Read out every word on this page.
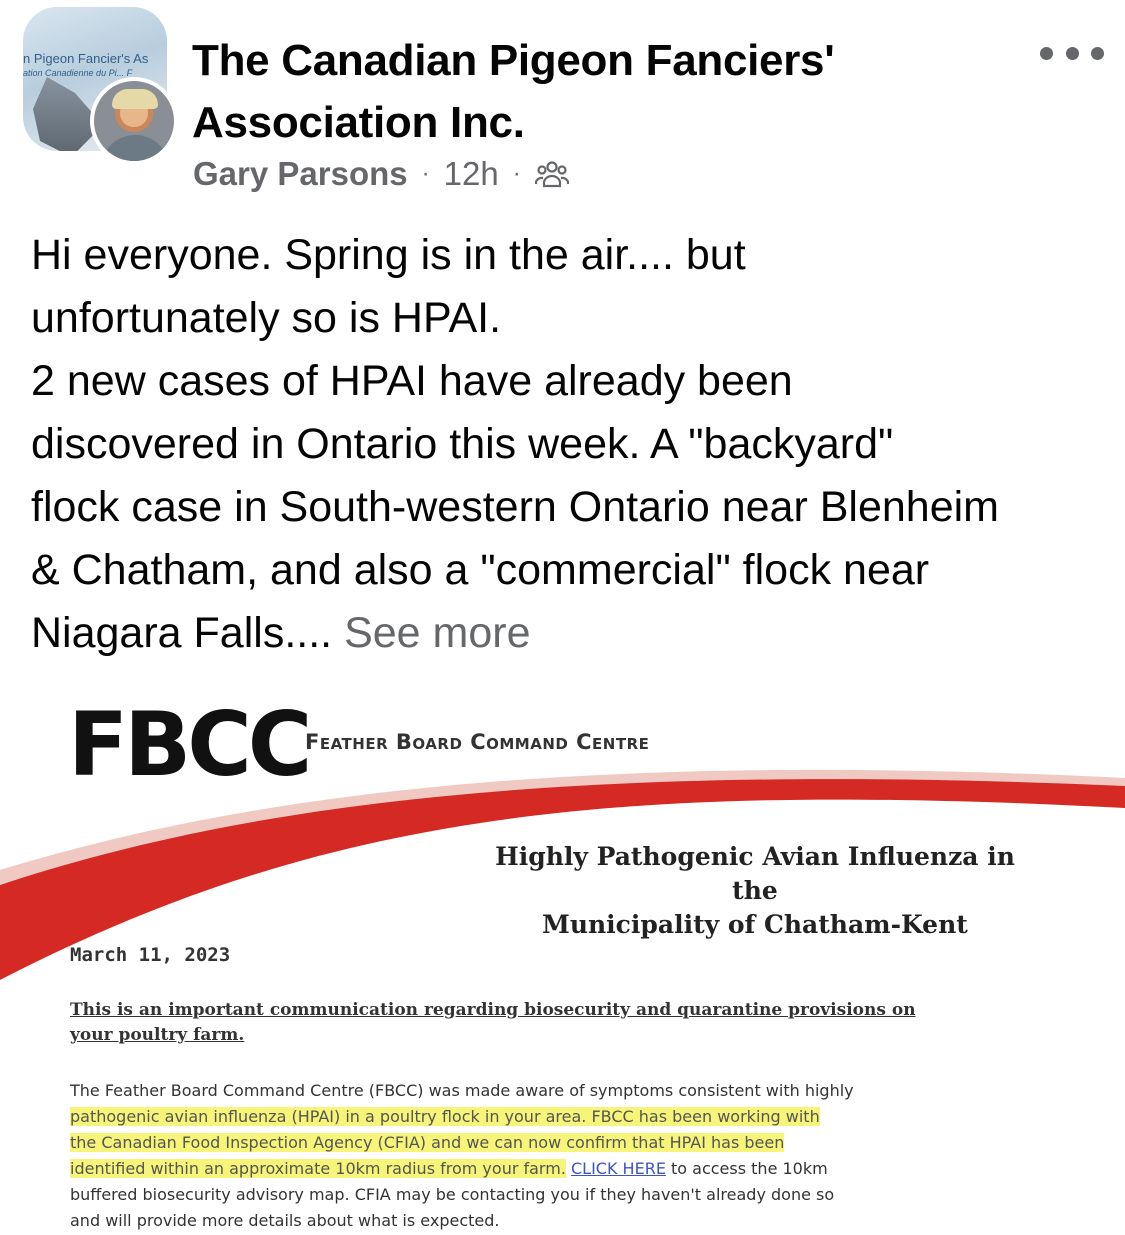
n Pigeon Fancier's As
ation Canadienne du Pi... F	The Canadian Pigeon Fanciers'
Association Inc.
Gary Parsons · 12h ·

Hi everyone. Spring is in the air.... but

unfortunately so is HPAI.

2 new cases of HPAI have already been

discovered in Ontario this week. A "backyard"

flock case in South-western Ontario near Blenheim

& Chatham, and also a "commercial" flock near

Niagara Falls.... See more

FBCC
Feather Board Command Centre
Highly Pathogenic Avian Influenza in the
Municipality of Chatham-Kent
March 11, 2023
This is an important communication regarding biosecurity and quarantine provisions on
your poultry farm.
The Feather Board Command Centre (FBCC) was made aware of symptoms consistent with highly
pathogenic avian influenza (HPAI) in a poultry flock in your area. FBCC has been working with
the Canadian Food Inspection Agency (CFIA) and we can now confirm that HPAI has been
identified within an approximate 10km radius from your farm. CLICK HERE to access the 10km
buffered biosecurity advisory map. CFIA may be contacting you if they haven't already done so
and will provide more details about what is expected.
